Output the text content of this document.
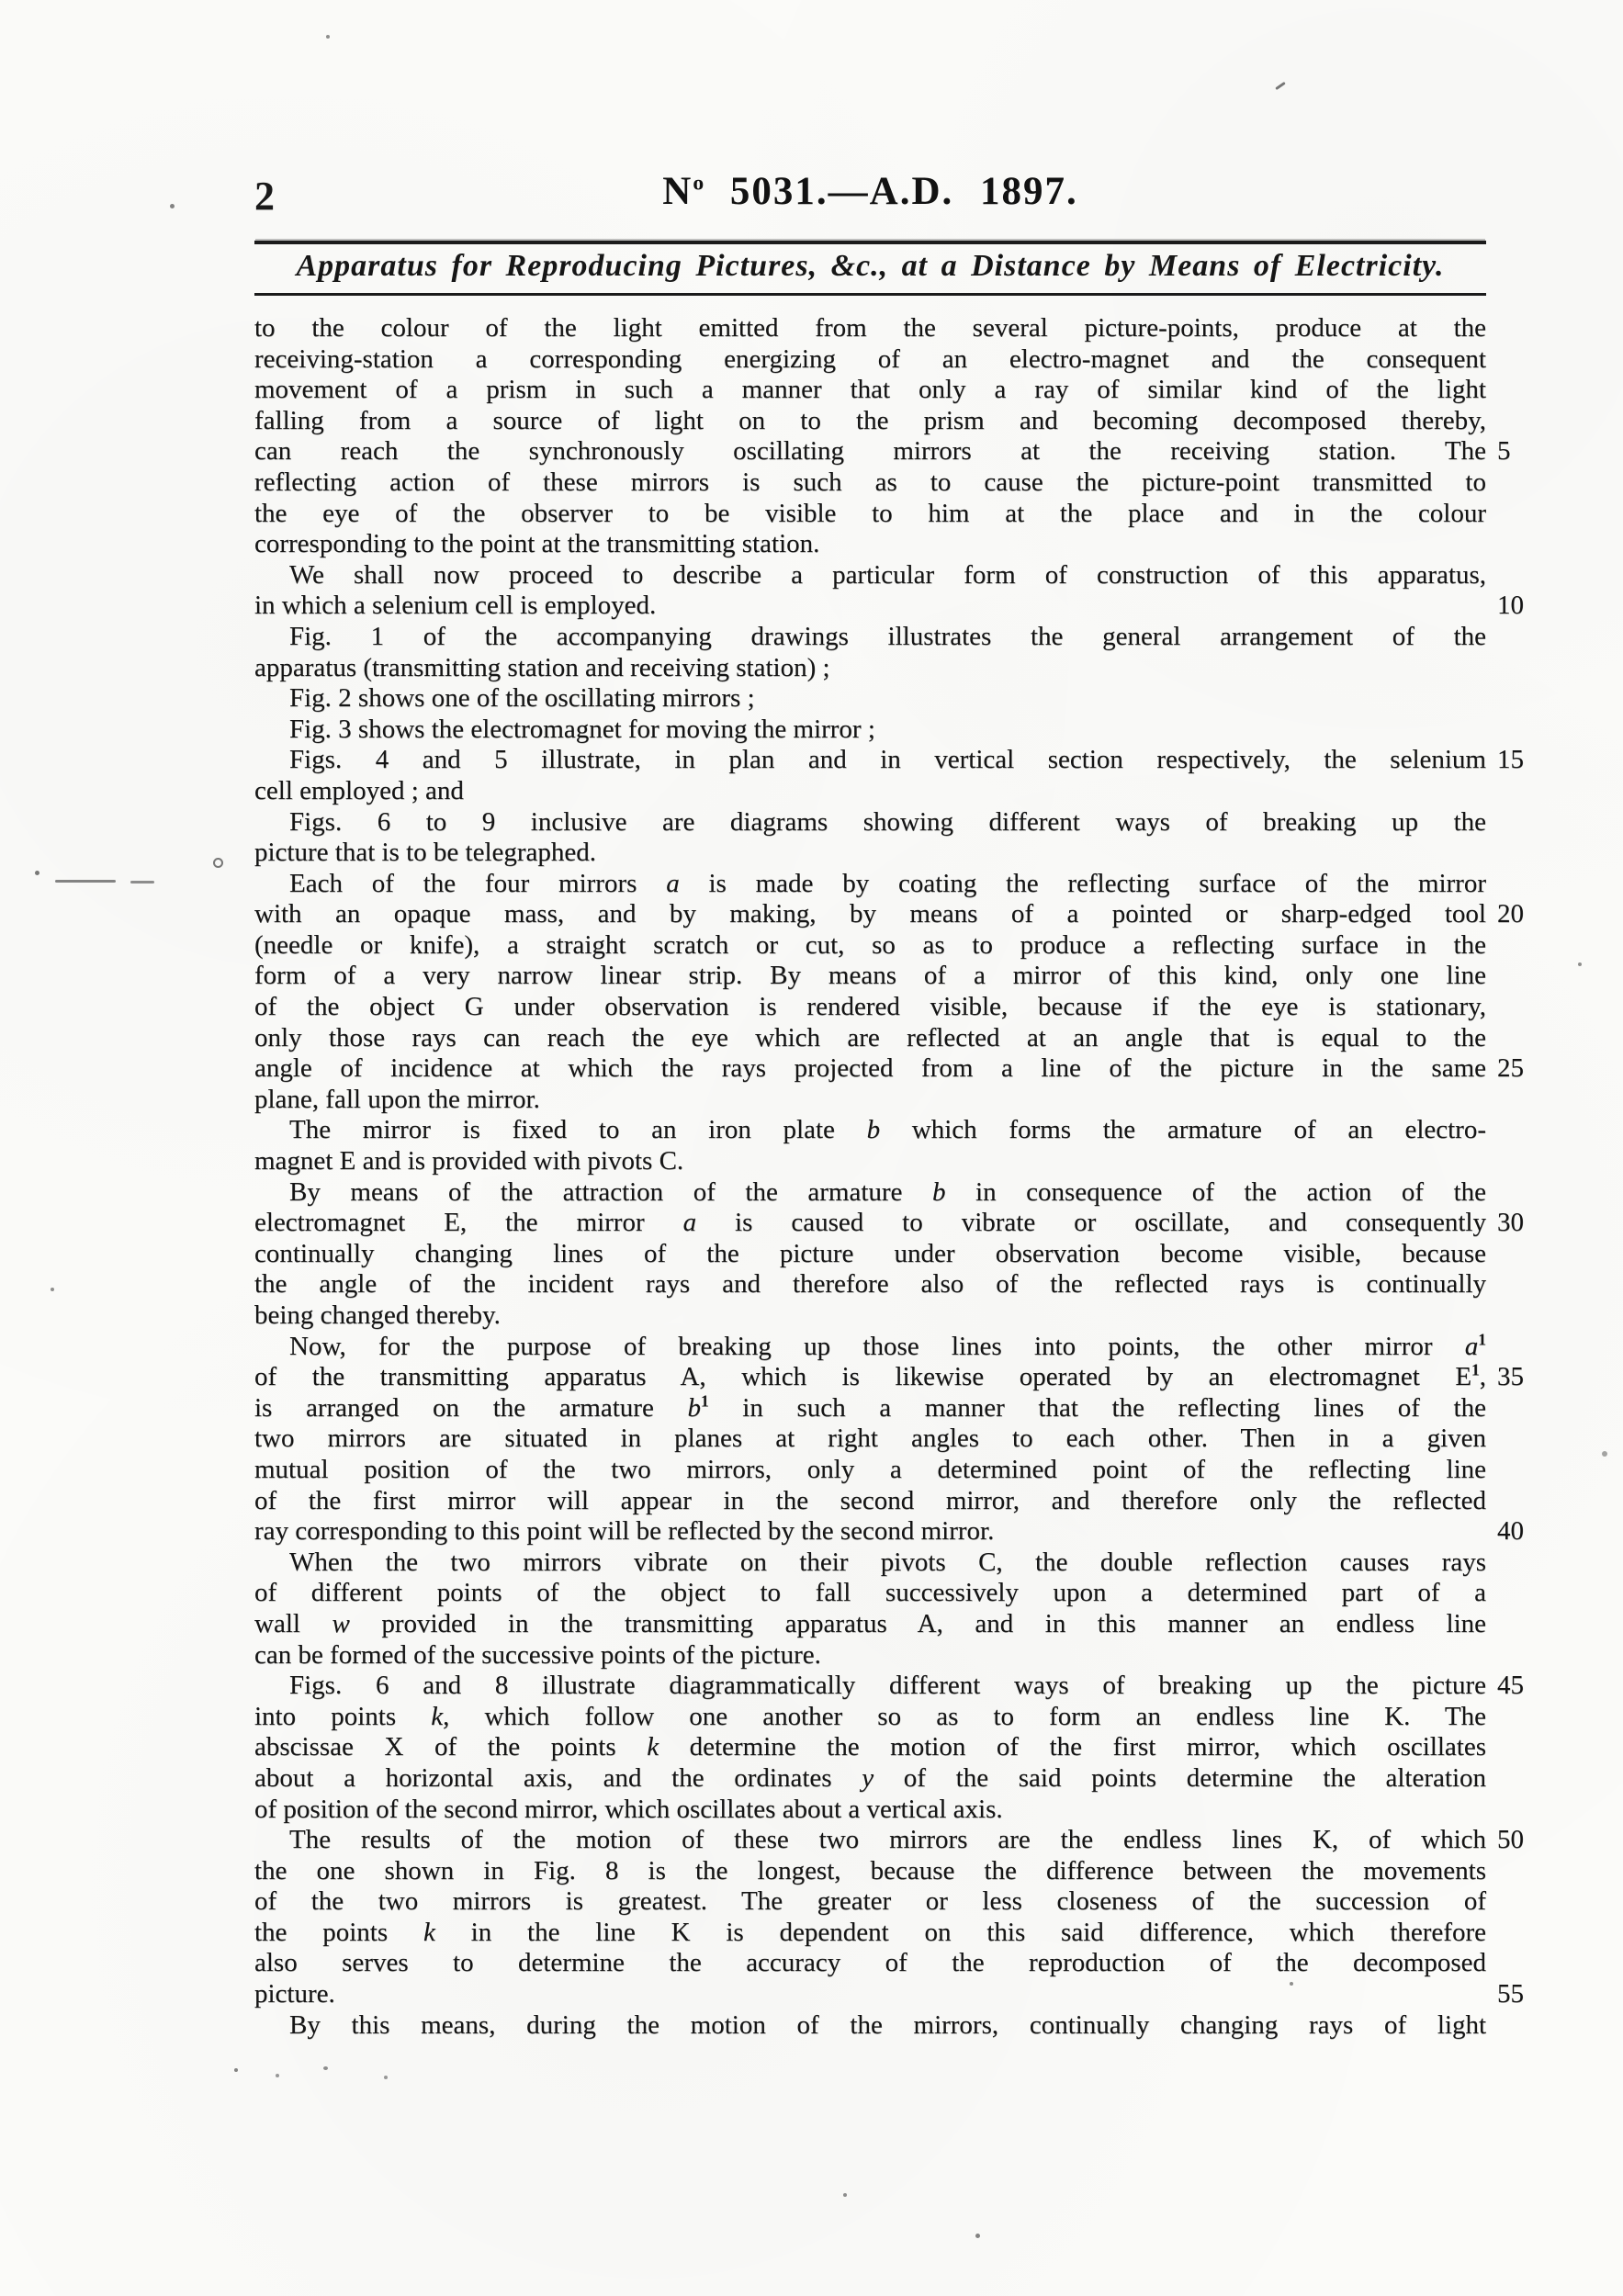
2	$N^o$ 5031.—A.D. 1897.
Apparatus for Reproducing Pictures, &c., at a Distance by Means of Electricity.
to the colour of the light emitted from the several picture-points, produce at the
receiving-station a corresponding energizing of an electro-magnet and the consequent
movement of a prism in such a manner that only a ray of similar kind of the light
falling from a source of light on to the prism and becoming decomposed thereby,
can reach the synchronously oscillating mirrors at the receiving station. The
reflecting action of these mirrors is such as to cause the picture-point transmitted to
the eye of the observer to be visible to him at the place and in the colour
corresponding to the point at the transmitting station.
We shall now proceed to describe a particular form of construction of this apparatus,
in which a selenium cell is employed.
Fig. 1 of the accompanying drawings illustrates the general arrangement of the
apparatus (transmitting station and receiving station) ;
Fig. 2 shows one of the oscillating mirrors ;
Fig. 3 shows the electromagnet for moving the mirror ;
Figs. 4 and 5 illustrate, in plan and in vertical section respectively, the selenium
cell employed ; and
Figs. 6 to 9 inclusive are diagrams showing different ways of breaking up the
picture that is to be telegraphed.
Each of the four mirrors a is made by coating the reflecting surface of the mirror
with an opaque mass, and by making, by means of a pointed or sharp-edged tool
(needle or knife), a straight scratch or cut, so as to produce a reflecting surface in the
form of a very narrow linear strip. By means of a mirror of this kind, only one line
of the object G under observation is rendered visible, because if the eye is stationary,
only those rays can reach the eye which are reflected at an angle that is equal to the
angle of incidence at which the rays projected from a line of the picture in the same
plane, fall upon the mirror.
The mirror is fixed to an iron plate b which forms the armature of an electro-
magnet E and is provided with pivots C.
By means of the attraction of the armature b in consequence of the action of the
electromagnet E, the mirror a is caused to vibrate or oscillate, and consequently
continually changing lines of the picture under observation become visible, because
the angle of the incident rays and therefore also of the reflected rays is continually
being changed thereby.
Now, for the purpose of breaking up those lines into points, the other mirror $a^1$
of the transmitting apparatus A, which is likewise operated by an electromagnet $E^1$,
is arranged on the armature $b^1$ in such a manner that the reflecting lines of the
two mirrors are situated in planes at right angles to each other. Then in a given
mutual position of the two mirrors, only a determined point of the reflecting line
of the first mirror will appear in the second mirror, and therefore only the reflected
ray corresponding to this point will be reflected by the second mirror.
When the two mirrors vibrate on their pivots C, the double reflection causes rays
of different points of the object to fall successively upon a determined part of a
wall w provided in the transmitting apparatus A, and in this manner an endless line
can be formed of the successive points of the picture.
Figs. 6 and 8 illustrate diagrammatically different ways of breaking up the picture
into points k, which follow one another so as to form an endless line K. The
abscissae X of the points k determine the motion of the first mirror, which oscillates
about a horizontal axis, and the ordinates y of the said points determine the alteration
of position of the second mirror, which oscillates about a vertical axis.
The results of the motion of these two mirrors are the endless lines K, of which
the one shown in Fig. 8 is the longest, because the difference between the movements
of the two mirrors is greatest. The greater or less closeness of the succession of
the points k in the line K is dependent on this said difference, which therefore
also serves to determine the accuracy of the reproduction of the decomposed
picture.
By this means, during the motion of the mirrors, continually changing rays of light
5
10
15
20
25
30
35
40
45
50
55
